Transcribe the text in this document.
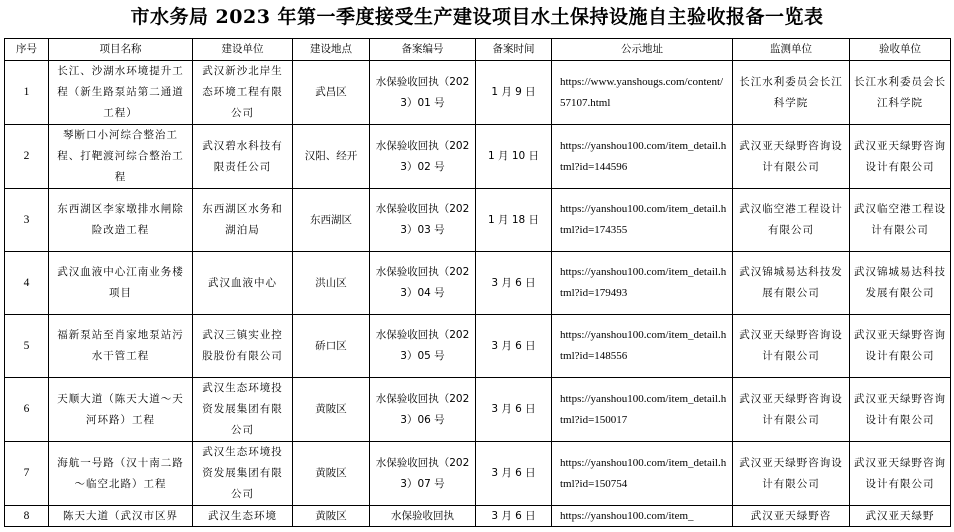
市水务局 2023 年第一季度接受生产建设项目水土保持设施自主验收报备一览表
序号	项目名称	建设单位	建设地点	备案编号	备案时间	公示地址	监测单位	验收单位
1	长江、沙湖水环境提升工程（新生路泵站第二通道工程）	武汉新沙北岸生态环境工程有限公司	武昌区	水保验收回执（2023）01 号	1 月 9 日	https://www.yanshougs.com/content/57107.html	长江水利委员会长江科学院	长江水利委员会长江科学院
2	琴断口小河综合整治工程、打靶渡河综合整治工程	武汉碧水科技有限责任公司	汉阳、经开	水保验收回执（2023）02 号	1 月 10 日	https://yanshou100.com/item_detail.html?id=144596	武汉亚天绿野咨询设计有限公司	武汉亚天绿野咨询设计有限公司
3	东西湖区李家墩排水闸除险改造工程	东西湖区水务和湖泊局	东西湖区	水保验收回执（2023）03 号	1 月 18 日	https://yanshou100.com/item_detail.html?id=174355	武汉临空港工程设计有限公司	武汉临空港工程设计有限公司
4	武汉血液中心江南业务楼项目	武汉血液中心	洪山区	水保验收回执（2023）04 号	3 月 6 日	https://yanshou100.com/item_detail.html?id=179493	武汉锦城易达科技发展有限公司	武汉锦城易达科技发展有限公司
5	福新泵站至肖家地泵站污水干管工程	武汉三镇实业控股股份有限公司	硚口区	水保验收回执（2023）05 号	3 月 6 日	https://yanshou100.com/item_detail.html?id=148556	武汉亚天绿野咨询设计有限公司	武汉亚天绿野咨询设计有限公司
6	天顺大道（陈天大道～天河环路）工程	武汉生态环境投资发展集团有限公司	黄陂区	水保验收回执（2023）06 号	3 月 6 日	https://yanshou100.com/item_detail.html?id=150017	武汉亚天绿野咨询设计有限公司	武汉亚天绿野咨询设计有限公司
7	海航一号路（汉十南二路～临空北路）工程	武汉生态环境投资发展集团有限公司	黄陂区	水保验收回执（2023）07 号	3 月 6 日	https://yanshou100.com/item_detail.html?id=150754	武汉亚天绿野咨询设计有限公司	武汉亚天绿野咨询设计有限公司
8	陈天大道（武汉市区界	武汉生态环境	黄陂区	水保验收回执	3 月 6 日	https://yanshou100.com/item_	武汉亚天绿野咨	武汉亚天绿野
